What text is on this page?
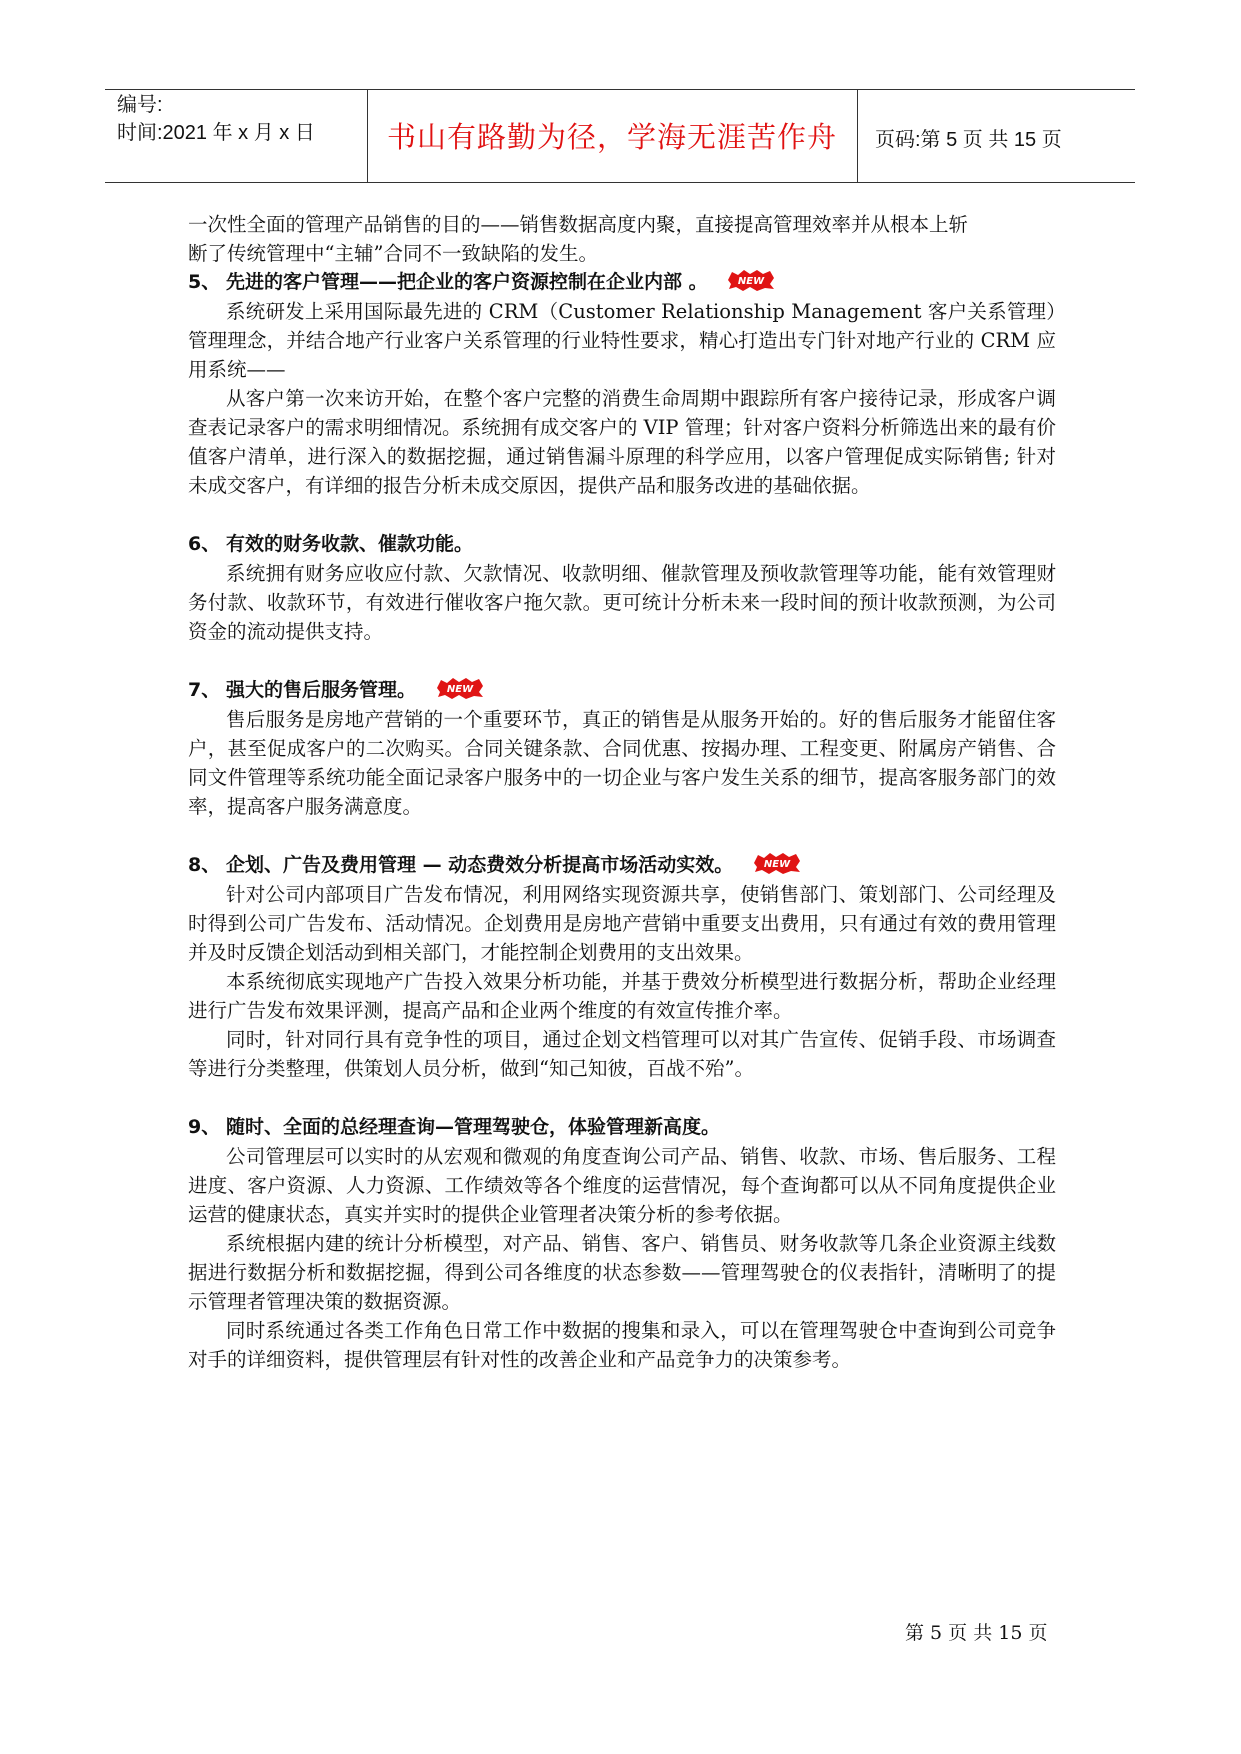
编号:
时间:2021 年 x 月 x 日	书山有路勤为径，学海无涯苦作舟	页码:第 5 页 共 15 页

一次性全面的管理产品销售的目的——销售数据高度内聚，直接提高管理效率并从根本上斩

断了传统管理中“主辅”合同不一致缺陷的发生。

5、 先进的客户管理——把企业的客户资源控制在企业内部 。	NEW

系统研发上采用国际最先进的 CRM（Customer Relationship Management 客户关系管理）管理理念，并结合地产行业客户关系管理的行业特性要求，精心打造出专门针对地产行业的 CRM 应用系统——

从客户第一次来访开始，在整个客户完整的消费生命周期中跟踪所有客户接待记录，形成客户调查表记录客户的需求明细情况。系统拥有成交客户的 VIP 管理；针对客户资料分析筛选出来的最有价值客户清单，进行深入的数据挖掘，通过销售漏斗原理的科学应用，以客户管理促成实际销售; 针对未成交客户，有详细的报告分析未成交原因，提供产品和服务改进的基础依据。

6、 有效的财务收款、催款功能。

系统拥有财务应收应付款、欠款情况、收款明细、催款管理及预收款管理等功能，能有效管理财务付款、收款环节，有效进行催收客户拖欠款。更可统计分析未来一段时间的预计收款预测，为公司资金的流动提供支持。

7、 强大的售后服务管理。	NEW

售后服务是房地产营销的一个重要环节，真正的销售是从服务开始的。好的售后服务才能留住客户，甚至促成客户的二次购买。合同关键条款、合同优惠、按揭办理、工程变更、附属房产销售、合同文件管理等系统功能全面记录客户服务中的一切企业与客户发生关系的细节，提高客服务部门的效率，提高客户服务满意度。

8、 企划、广告及费用管理 — 动态费效分析提高市场活动实效。	NEW

针对公司内部项目广告发布情况，利用网络实现资源共享，使销售部门、策划部门、公司经理及时得到公司广告发布、活动情况。企划费用是房地产营销中重要支出费用，只有通过有效的费用管理并及时反馈企划活动到相关部门，才能控制企划费用的支出效果。

本系统彻底实现地产广告投入效果分析功能，并基于费效分析模型进行数据分析，帮助企业经理进行广告发布效果评测，提高产品和企业两个维度的有效宣传推介率。

同时，针对同行具有竞争性的项目，通过企划文档管理可以对其广告宣传、促销手段、市场调查等进行分类整理，供策划人员分析，做到“知己知彼，百战不殆”。

9、 随时、全面的总经理查询—管理驾驶仓，体验管理新高度。

公司管理层可以实时的从宏观和微观的角度查询公司产品、销售、收款、市场、售后服务、工程进度、客户资源、人力资源、工作绩效等各个维度的运营情况，每个查询都可以从不同角度提供企业运营的健康状态，真实并实时的提供企业管理者决策分析的参考依据。

系统根据内建的统计分析模型，对产品、销售、客户、销售员、财务收款等几条企业资源主线数据进行数据分析和数据挖掘，得到公司各维度的状态参数——管理驾驶仓的仪表指针，清晰明了的提示管理者管理决策的数据资源。

同时系统通过各类工作角色日常工作中数据的搜集和录入，可以在管理驾驶仓中查询到公司竞争对手的详细资料，提供管理层有针对性的改善企业和产品竞争力的决策参考。

第 5 页 共 15 页
